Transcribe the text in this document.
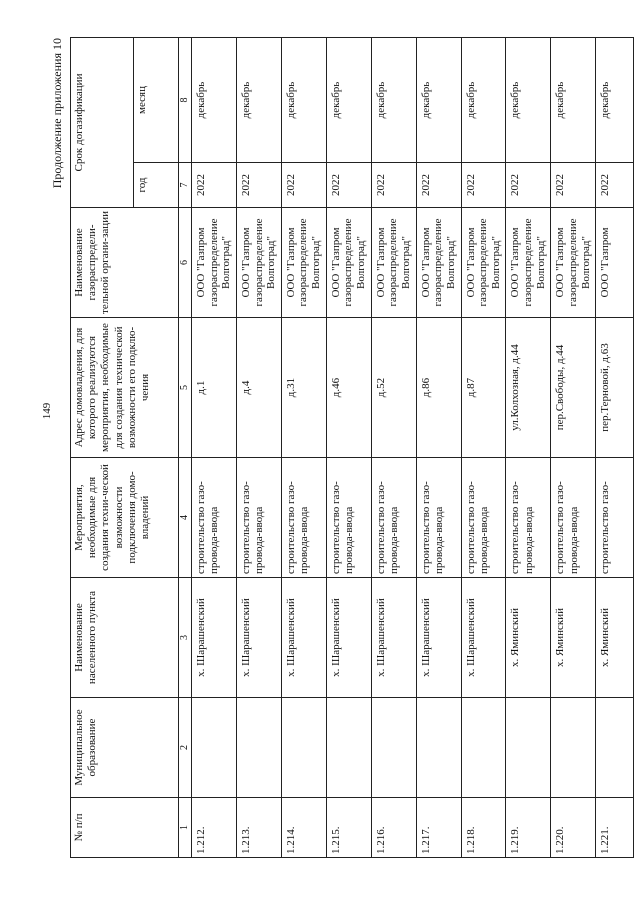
149
Продолжение приложения 10
№ п/п	Муниципальное образование	Наименование населенного пункта	Мероприятия, необходимые для создания техни-ческой возможности подключения домо-владений	Адрес домовладения, для которого реализуются мероприятия, необходимые для создания технической возможности его подклю-чения	Наименование газораспредели-тельной органи-зации	Срок догазификации	
						год	месяц
1	2	3	4	5	6	7	8
1.212.		х. Шарашенский	строительство газо-провода-ввода	д.1	ООО "Газпром газораспределение Волгоград"	2022	декабрь
1.213.		х. Шарашенский	строительство газо-провода-ввода	д.4	ООО "Газпром газораспределение Волгоград"	2022	декабрь
1.214.		х. Шарашенский	строительство газо-провода-ввода	д.31	ООО "Газпром газораспределение Волгоград"	2022	декабрь
1.215.		х. Шарашенский	строительство газо-провода-ввода	д.46	ООО "Газпром газораспределение Волгоград"	2022	декабрь
1.216.		х. Шарашенский	строительство газо-провода-ввода	д.52	ООО "Газпром газораспределение Волгоград"	2022	декабрь
1.217.		х. Шарашенский	строительство газо-провода-ввода	д.86	ООО "Газпром газораспределение Волгоград"	2022	декабрь
1.218.		х. Шарашенский	строительство газо-провода-ввода	д.87	ООО "Газпром газораспределение Волгоград"	2022	декабрь
1.219.		х. Яминский	строительство газо-провода-ввода	ул.Колхозная, д.44	ООО "Газпром газораспределение Волгоград"	2022	декабрь
1.220.		х. Яминский	строительство газо-провода-ввода	пер.Свободы, д.44	ООО "Газпром газораспределение Волгоград"	2022	декабрь
1.221.		х. Яминский	строительство газо-	пер.Терновой, д.63	ООО "Газпром	2022	декабрь
